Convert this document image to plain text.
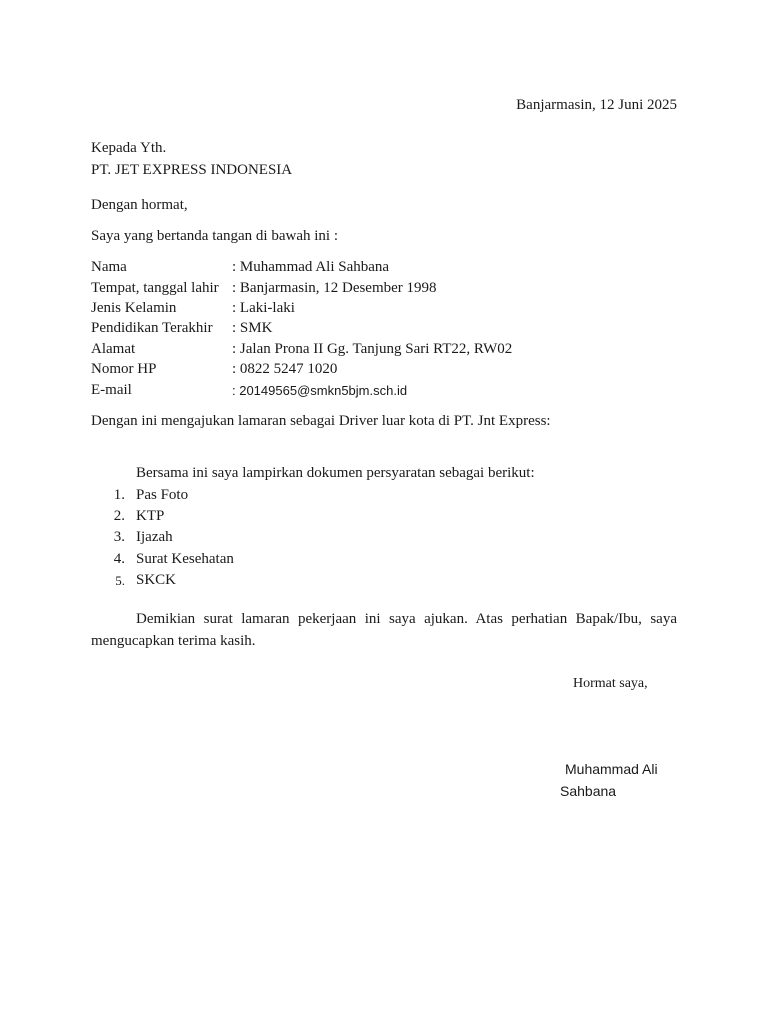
Banjarmasin, 12 Juni 2025
Kepada Yth.
PT. JET EXPRESS INDONESIA
Dengan hormat,
Saya yang bertanda tangan di bawah ini :
Nama	: Muhammad Ali Sahbana
Tempat, tanggal lahir : Banjarmasin, 12 Desember 1998
Jenis Kelamin	: Laki-laki
Pendidikan Terakhir : SMK
Alamat	: Jalan Prona II Gg. Tanjung Sari RT22, RW02
Nomor HP	: 0822 5247 1020
E-mail	: 20149565@smkn5bjm.sch.id
Dengan ini mengajukan lamaran sebagai Driver luar kota di PT. Jnt Express:
Bersama ini saya lampirkan dokumen persyaratan sebagai berikut:
1. Pas Foto
2. KTP
3. Ijazah
4. Surat Kesehatan
5. SKCK
Demikian surat lamaran pekerjaan ini saya ajukan. Atas perhatian Bapak/Ibu, saya mengucapkan terima kasih.
Hormat saya,
Muhammad Ali
Sahbana
